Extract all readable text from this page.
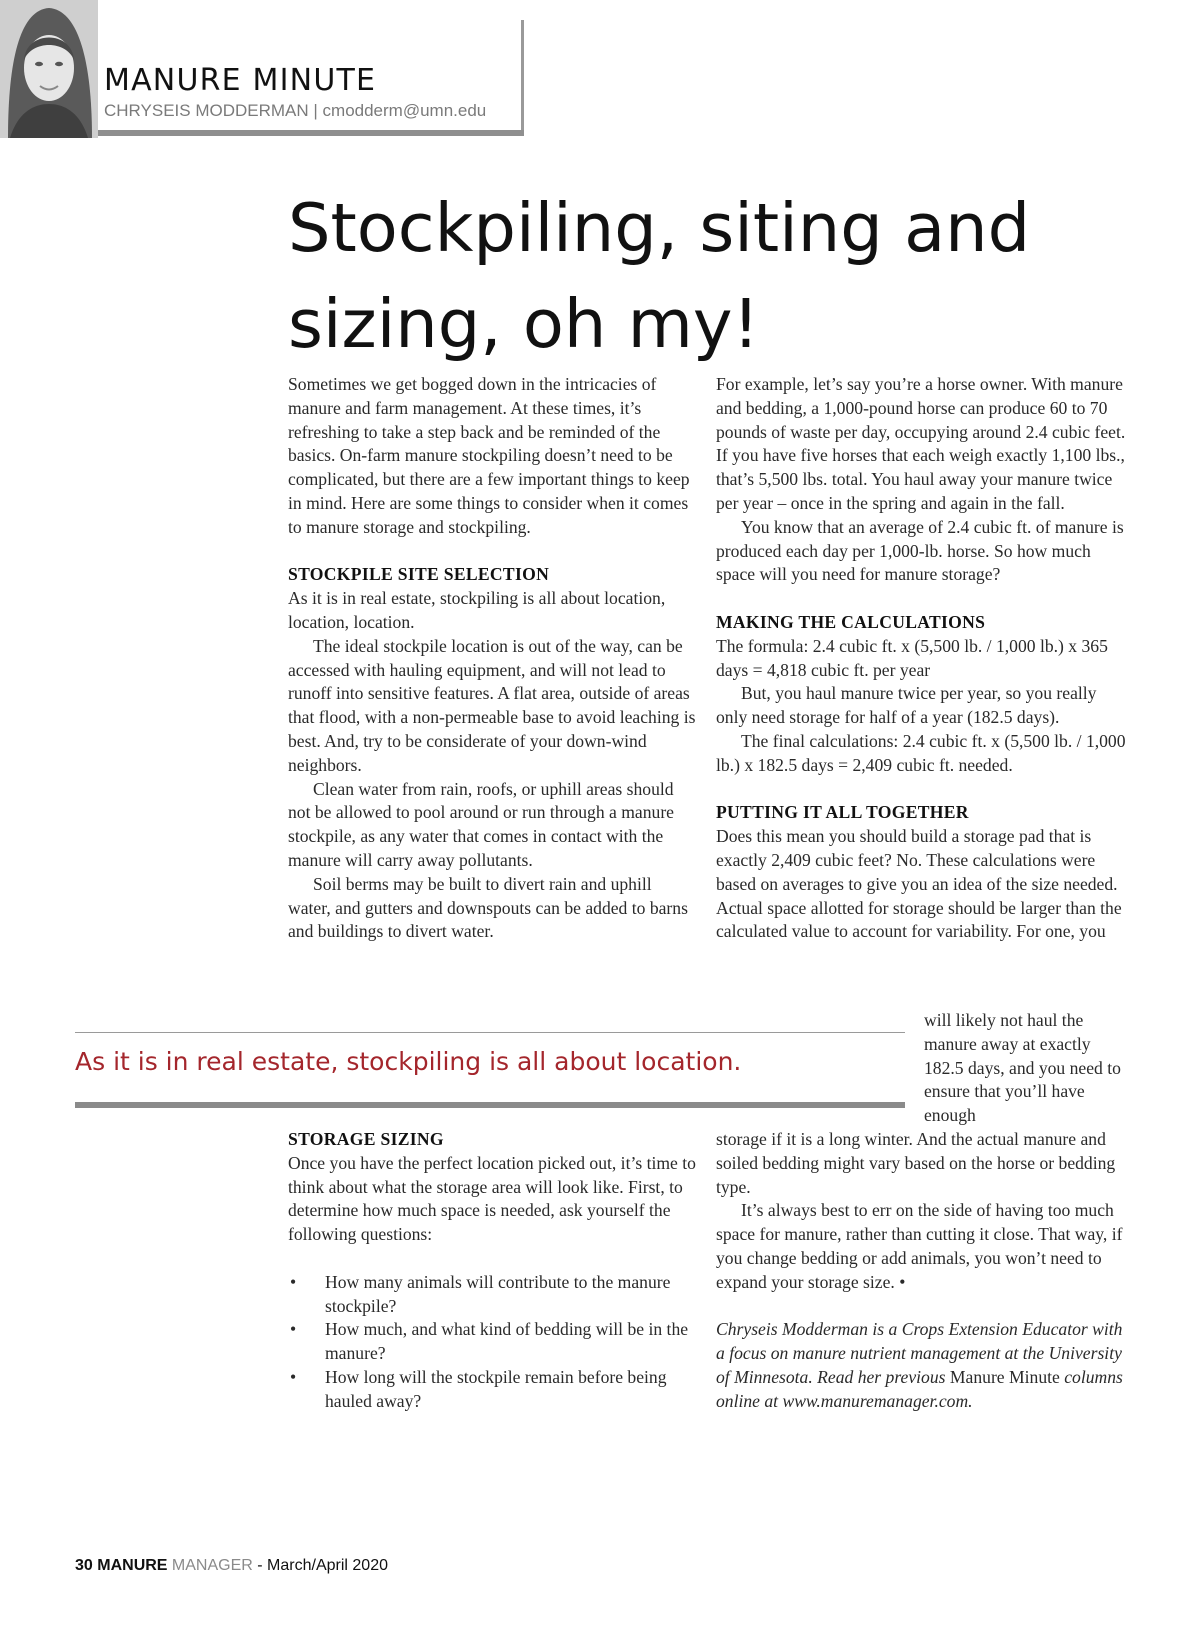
MANURE MINUTE
CHRYSEIS MODDERMAN | cmodderm@umn.edu
Stockpiling, siting and
sizing, oh my!

Sometimes we get bogged down in the intricacies of manure and farm management. At these times, it’s refreshing to take a step back and be reminded of the basics. On-farm manure stockpiling doesn’t need to be complicated, but there are a few important things to keep in mind. Here are some things to consider when it comes to manure storage and stockpiling.

STOCKPILE SITE SELECTION

As it is in real estate, stockpiling is all about location, location, location.

The ideal stockpile location is out of the way, can be accessed with hauling equipment, and will not lead to runoff into sensitive features. A flat area, outside of areas that flood, with a non-permeable base to avoid leaching is best. And, try to be considerate of your down-wind neighbors.

Clean water from rain, roofs, or uphill areas should not be allowed to pool around or run through a manure stockpile, as any water that comes in contact with the manure will carry away pollutants.

Soil berms may be built to divert rain and uphill water, and gutters and downspouts can be added to barns and buildings to divert water.

As it is in real estate, stockpiling is all about location.
STORAGE SIZING

Once you have the perfect location picked out, it’s time to think about what the storage area will look like. First, to determine how much space is needed, ask yourself the following questions:

• How many animals will contribute to the manure stockpile?
• How much, and what kind of bedding will be in the manure?
• How long will the stockpile remain before being hauled away?

For example, let’s say you’re a horse owner. With manure and bedding, a 1,000-pound horse can produce 60 to 70 pounds of waste per day, occupying around 2.4 cubic feet. If you have five horses that each weigh exactly 1,100 lbs., that’s 5,500 lbs. total. You haul away your manure twice per year – once in the spring and again in the fall.

You know that an average of 2.4 cubic ft. of manure is produced each day per 1,000-lb. horse. So how much space will you need for manure storage?

MAKING THE CALCULATIONS

The formula: 2.4 cubic ft. x (5,500 lb. / 1,000 lb.) x 365 days = 4,818 cubic ft. per year

But, you haul manure twice per year, so you really only need storage for half of a year (182.5 days).

The final calculations: 2.4 cubic ft. x (5,500 lb. / 1,000 lb.) x 182.5 days = 2,409 cubic ft. needed.

PUTTING IT ALL TOGETHER

Does this mean you should build a storage pad that is exactly 2,409 cubic feet? No. These calculations were based on averages to give you an idea of the size needed. Actual space allotted for storage should be larger than the calculated value to account for variability. For one, you

will likely not haul the manure away at exactly 182.5 days, and you need to ensure that you’ll have enough

storage if it is a long winter. And the actual manure and soiled bedding might vary based on the horse or bedding type.

It’s always best to err on the side of having too much space for manure, rather than cutting it close. That way, if you change bedding or add animals, you won’t need to expand your storage size. •

Chryseis Modderman is a Crops Extension Educator with a focus on manure nutrient management at the University of Minnesota. Read her previous Manure Minute columns online at www.manuremanager.com.

30 MANURE MANAGER - March/April 2020
